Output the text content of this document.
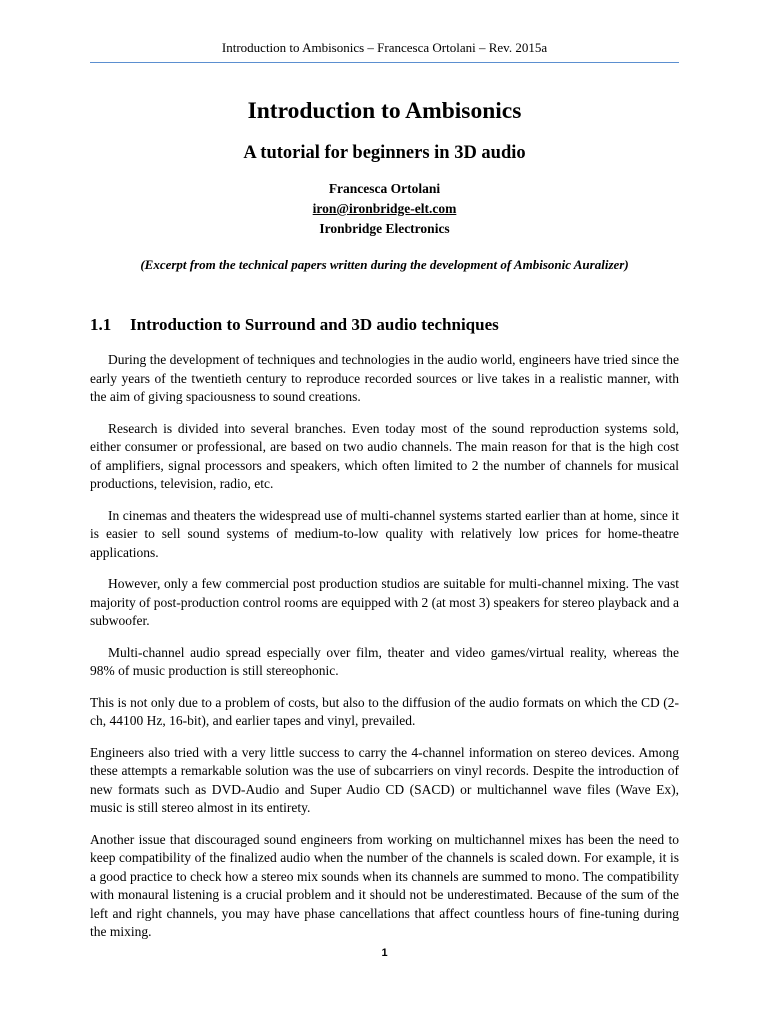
Introduction to Ambisonics – Francesca Ortolani – Rev. 2015a
Introduction to Ambisonics
A tutorial for beginners in 3D audio
Francesca Ortolani
iron@ironbridge-elt.com
Ironbridge Electronics
(Excerpt from the technical papers written during the development of Ambisonic Auralizer)
1.1 Introduction to Surround and 3D audio techniques

During the development of techniques and technologies in the audio world, engineers have tried since the early years of the twentieth century to reproduce recorded sources or live takes in a realistic manner, with the aim of giving spaciousness to sound creations.

Research is divided into several branches. Even today most of the sound reproduction systems sold, either consumer or professional, are based on two audio channels. The main reason for that is the high cost of amplifiers, signal processors and speakers, which often limited to 2 the number of channels for musical productions, television, radio, etc.

In cinemas and theaters the widespread use of multi-channel systems started earlier than at home, since it is easier to sell sound systems of medium-to-low quality with relatively low prices for home-theatre applications.

However, only a few commercial post production studios are suitable for multi-channel mixing. The vast majority of post-production control rooms are equipped with 2 (at most 3) speakers for stereo playback and a subwoofer.

Multi-channel audio spread especially over film, theater and video games/virtual reality, whereas the 98% of music production is still stereophonic.

This is not only due to a problem of costs, but also to the diffusion of the audio formats on which the CD (2-ch, 44100 Hz, 16-bit), and earlier tapes and vinyl, prevailed.

Engineers also tried with a very little success to carry the 4-channel information on stereo devices. Among these attempts a remarkable solution was the use of subcarriers on vinyl records. Despite the introduction of new formats such as DVD-Audio and Super Audio CD (SACD) or multichannel wave files (Wave Ex), music is still stereo almost in its entirety.

Another issue that discouraged sound engineers from working on multichannel mixes has been the need to keep compatibility of the finalized audio when the number of the channels is scaled down. For example, it is a good practice to check how a stereo mix sounds when its channels are summed to mono. The compatibility with monaural listening is a crucial problem and it should not be underestimated. Because of the sum of the left and right channels, you may have phase cancellations that affect countless hours of fine-tuning during the mixing.

1
